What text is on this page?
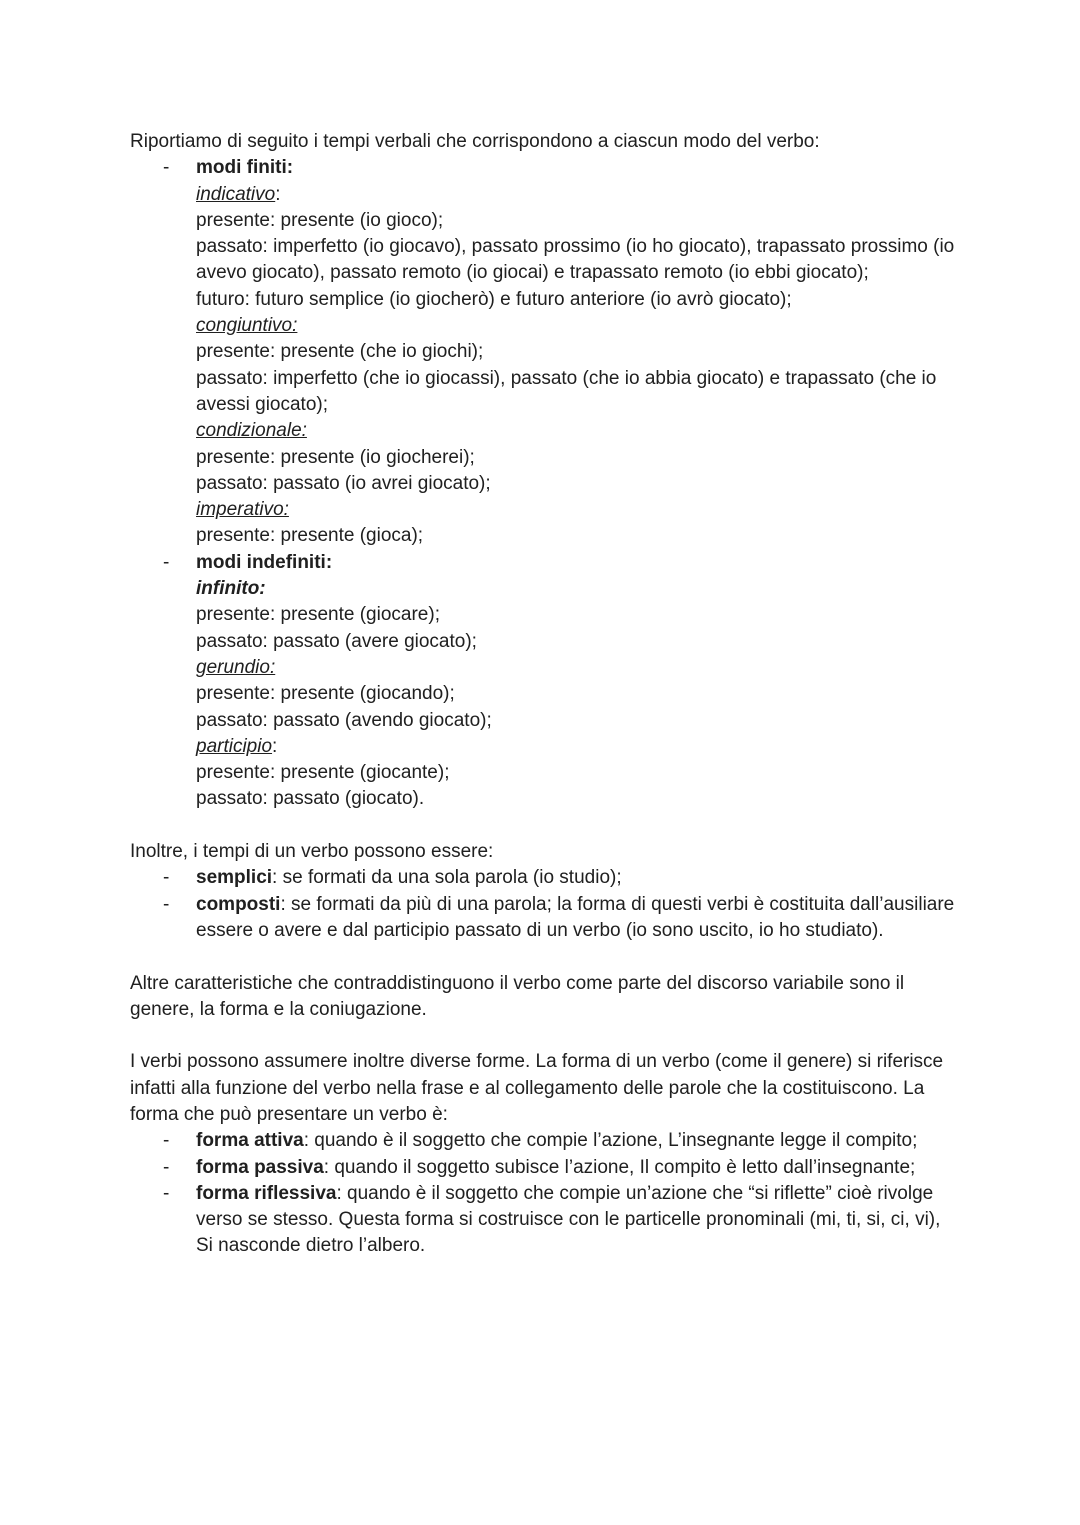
Riportiamo di seguito i tempi verbali che corrispondono a ciascun modo del verbo:

- modi finiti:
indicativo:
presente: presente (io gioco);
passato: imperfetto (io giocavo), passato prossimo (io ho giocato), trapassato prossimo (io avevo giocato), passato remoto (io giocai) e trapassato remoto (io ebbi giocato);
futuro: futuro semplice (io giocherò) e futuro anteriore (io avrò giocato);
congiuntivo:
presente: presente (che io giochi);
passato: imperfetto (che io giocassi), passato (che io abbia giocato) e trapassato (che io avessi giocato);
condizionale:
presente: presente (io giocherei);
passato: passato (io avrei giocato);
imperativo:
presente: presente (gioca);
- modi indefiniti:
infinito:
presente: presente (giocare);
passato: passato (avere giocato);
gerundio:
presente: presente (giocando);
passato: passato (avendo giocato);
participio:
presente: presente (giocante);
passato: passato (giocato).

Inoltre, i tempi di un verbo possono essere:

- semplici: se formati da una sola parola (io studio);
- composti: se formati da più di una parola; la forma di questi verbi è costituita dall’ausiliare essere o avere e dal participio passato di un verbo (io sono uscito, io ho studiato).

Altre caratteristiche che contraddistinguono il verbo come parte del discorso variabile sono il genere, la forma e la coniugazione.

I verbi possono assumere inoltre diverse forme. La forma di un verbo (come il genere) si riferisce infatti alla funzione del verbo nella frase e al collegamento delle parole che la costituiscono. La forma che può presentare un verbo è:

- forma attiva: quando è il soggetto che compie l’azione, L’insegnante legge il compito;
- forma passiva: quando il soggetto subisce l’azione, Il compito è letto dall’insegnante;
- forma riflessiva: quando è il soggetto che compie un’azione che “si riflette” cioè rivolge verso se stesso. Questa forma si costruisce con le particelle pronominali (mi, ti, si, ci, vi), Si nasconde dietro l’albero.
